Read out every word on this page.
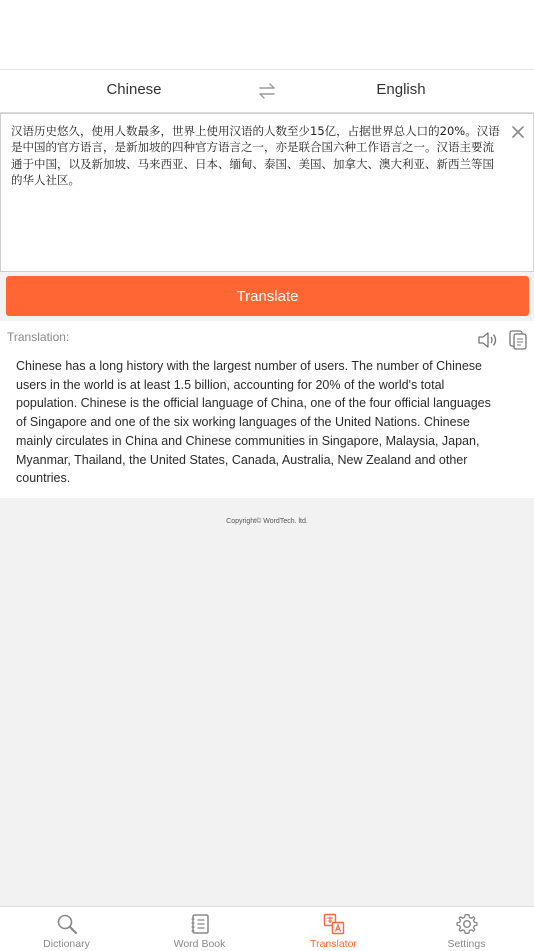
Chinese	English

汉语历史悠久，使用人数最多，世界上使用汉语的人数至少15亿，占据世界总人口的20%。汉语是中国的官方语言，是新加坡的四种官方语言之一，亦是联合国六种工作语言之一。汉语主要流通于中国，以及新加坡、马来西亚、日本、缅甸、泰国、美国、加拿大、澳大利亚、新西兰等国的华人社区。

Translate
Translation:

Chinese has a long history with the largest number of users. The number of Chinese users in the world is at least 1.5 billion, accounting for 20% of the world's total population. Chinese is the official language of China, one of the four official languages of Singapore and one of the six working languages of the United Nations. Chinese mainly circulates in China and Chinese communities in Singapore, Malaysia, Japan, Myanmar, Thailand, the United States, Canada, Australia, New Zealand and other countries.

Copyright© WordTech. ltd.
Dictionary	Word Book	Translator	Settings
